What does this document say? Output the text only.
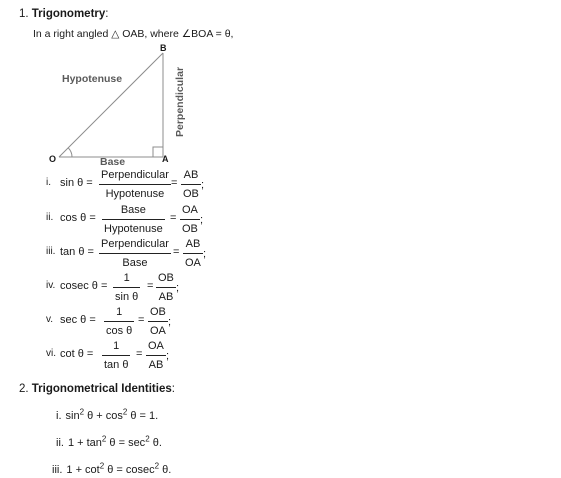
1. Trigonometry:
In a right angled △ OAB, where ∠BOA = θ,
B
O	A
Hypotenuse
Base
Perpendicular
i. sin θ =
Perpendicular
Hypotenuse
=
AB
OB
;
ii. cos θ =
Base
Hypotenuse
=
OA
OB
;
iii. tan θ =
Perpendicular
Base
=
AB
OA
;
iv. cosec θ =
1
sin θ
=
OB
AB
;
v. sec θ =
1
cos θ
=
OB
OA
;
vi. cot θ =
1
tan θ
=
OA
AB
;
2. Trigonometrical Identities:
i. $\sin^2 \theta + \cos^2 \theta = 1$.
ii. $1 + \tan^2 \theta = \sec^2 \theta$.
iii. $1 + \cot^2 \theta = cosec^2$ θ.
